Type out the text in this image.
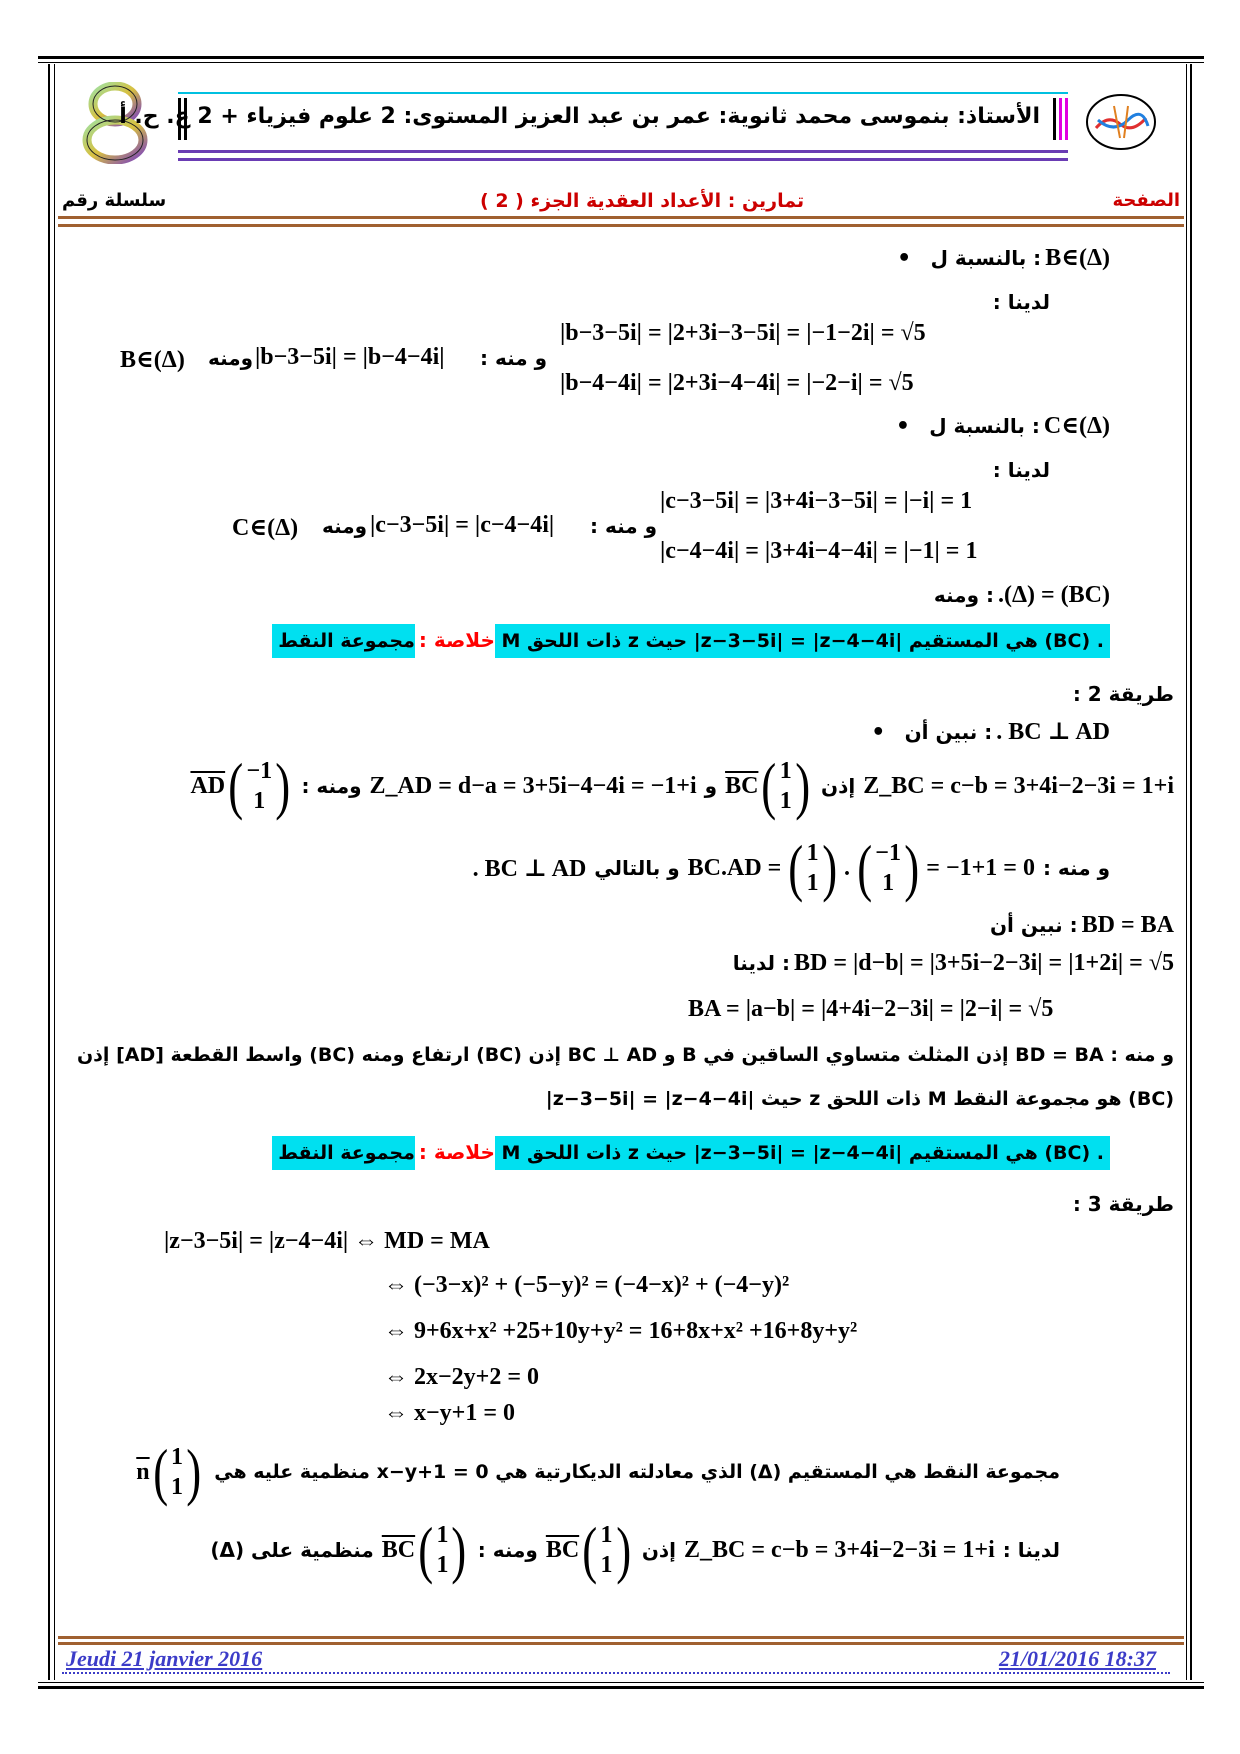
الأستاذ: بنموسى محمد ثانوية: عمر بن عبد العزيز المستوى: 2 علوم فيزياء + 2 ع. ح. أ
الصفحة
تمارين : الأعداد العقدية الجزء ( 2 )
سلسلة رقم
•   بالنسبة ل : B∈(Δ)
لدينا :
|b−3−5i| = |2+3i−3−5i| = |−1−2i| = √5
و منه :
|b−3−5i| = |b−4−4i|
ومنه
B∈(Δ)
|b−4−4i| = |2+3i−4−4i| = |−2−i| = √5
•   بالنسبة ل : C∈(Δ)
لدينا :
|c−3−5i| = |3+4i−3−5i| = |−i| = 1
و منه :
|c−3−5i| = |c−4−4i|
ومنه
C∈(Δ)
|c−4−4i| = |3+4i−4−4i| = |−1| = 1
ومنه : .(Δ) = (BC)
خلاصة : مجموعة النقط M ذات اللحق z حيث |z−3−5i| = |z−4−4i| هي المستقيم (BC) .
طريقة 2 :
•   نبين أن : . BC ⊥ AD
Z_BC = c−b = 3+4i−2−3i = 1+i
إذن
$\overline{BC}$ ( 1
1 )
و
Z_AD = d−a = 3+5i−4−4i = −1+i
ومنه :
$\overline{AD}$ ( −1
1 )
و منه :
BC.AD = ( 1
1 ) . ( −1
1 ) = −1+1 = 0
و بالتالي
. BC ⊥ AD
نبين أن : BD = BA
لدينا : BD = |d−b| = |3+5i−2−3i| = |1+2i| = √5
BA = |a−b| = |4+4i−2−3i| = |2−i| = √5
و منه : BD = BA إذن المثلث متساوي الساقين في B و BC ⊥ AD إذن (BC) ارتفاع ومنه (BC) واسط القطعة [AD] إذن
(BC) هو مجموعة النقط M ذات اللحق z حيث |z−3−5i| = |z−4−4i|
خلاصة : مجموعة النقط M ذات اللحق z حيث |z−3−5i| = |z−4−4i| هي المستقيم (BC) .
طريقة 3 :
|z−3−5i| = |z−4−4i| ⇔ MD = MA
⇔ (−3−x)² + (−5−y)² = (−4−x)² + (−4−y)²
⇔ 9+6x+x² +25+10y+y² = 16+8x+x² +16+8y+y²
⇔ 2x−2y+2 = 0
⇔ x−y+1 = 0
مجموعة النقط هي المستقيم (Δ) الذي معادلته الديكارتية هي x−y+1 = 0 منظمية عليه هي
$\overline{n}$ ( 1
1 )
لدينا :
Z_BC = c−b = 3+4i−2−3i = 1+i
إذن
$\overline{BC}$ ( 1
1 )
ومنه :
$\overline{BC}$ ( 1
1 )
منظمية على (Δ)
Jeudi 21 janvier 2016	21/01/2016 18:37
